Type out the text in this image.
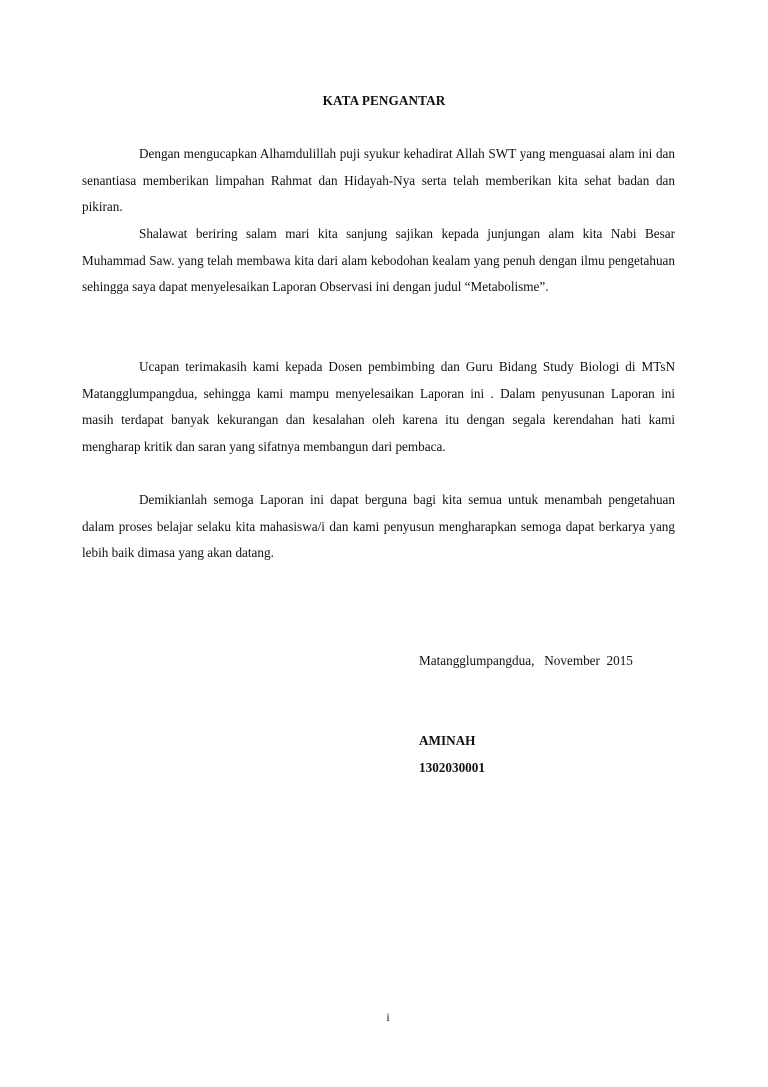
KATA PENGANTAR

Dengan mengucapkan Alhamdulillah puji syukur kehadirat Allah SWT yang menguasai alam ini dan senantiasa memberikan limpahan Rahmat dan Hidayah-Nya serta telah memberikan kita sehat badan dan pikiran.

Shalawat beriring salam mari kita sanjung sajikan kepada junjungan alam kita Nabi Besar Muhammad Saw. yang telah membawa kita dari alam kebodohan kealam yang penuh dengan ilmu pengetahuan sehingga saya dapat menyelesaikan Laporan Observasi ini dengan judul “Metabolisme”.

Ucapan terimakasih kami kepada Dosen pembimbing dan Guru Bidang Study Biologi di MTsN Matangglumpangdua, sehingga kami mampu menyelesaikan Laporan ini . Dalam penyusunan Laporan ini masih terdapat banyak kekurangan dan kesalahan oleh karena itu dengan segala kerendahan hati kami mengharap kritik dan saran yang sifatnya membangun dari pembaca.

Demikianlah semoga Laporan ini dapat berguna bagi kita semua untuk menambah pengetahuan dalam proses belajar selaku kita mahasiswa/i dan kami penyusun mengharapkan semoga dapat berkarya yang lebih baik dimasa yang akan datang.

Matangglumpangdua,   November  2015
AMINAH
1302030001
i
